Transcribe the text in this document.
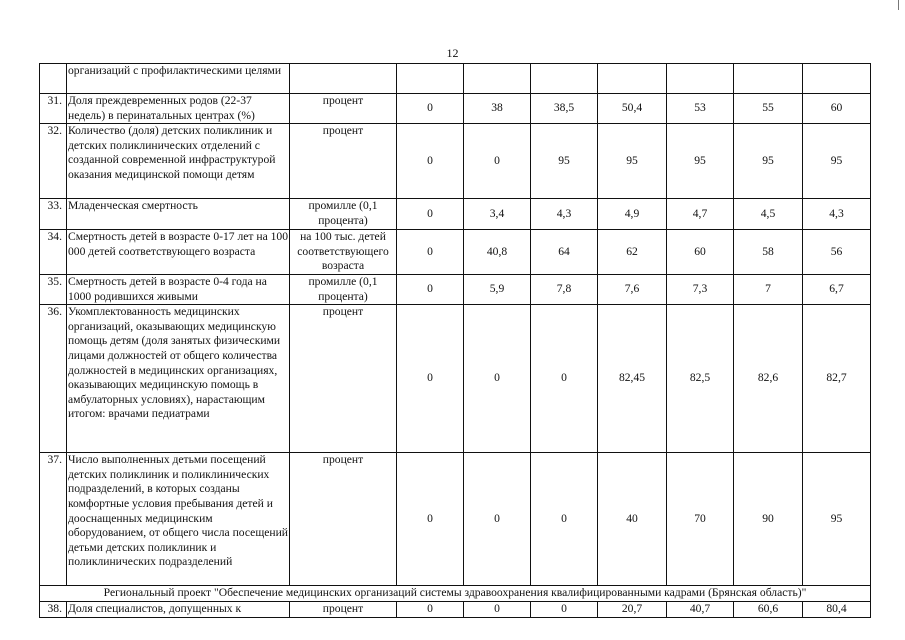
12
	организаций с профилактическими целями								
31.	Доля преждевременных родов (22-37 недель) в перинатальных центрах (%)	процент	0	38	38,5	50,4	53	55	60
32.	Количество (доля) детских поликлиник и детских поликлинических отделений с созданной современной инфраструктурой оказания медицинской помощи детям	процент	0	0	95	95	95	95	95
33.	Младенческая смертность	промилле (0,1 процента)	0	3,4	4,3	4,9	4,7	4,5	4,3
34.	Смертность детей в возрасте 0-17 лет на 100 000 детей соответствующего возраста	на 100 тыс. детей соответствующего возраста	0	40,8	64	62	60	58	56
35.	Смертность детей в возрасте 0-4 года на 1000 родившихся живыми	промилле (0,1 процента)	0	5,9	7,8	7,6	7,3	7	6,7
36.	Укомплектованность медицинских организаций, оказывающих медицинскую помощь детям (доля занятых физическими лицами должностей от общего количества должностей в медицинских организациях, оказывающих медицинскую помощь в амбулаторных условиях), нарастающим итогом: врачами педиатрами	процент	0	0	0	82,45	82,5	82,6	82,7
37.	Число выполненных детьми посещений детских поликлиник и поликлинических подразделений, в которых созданы комфортные условия пребывания детей и дооснащенных медицинским оборудованием, от общего числа посещений детьми детских поликлиник и поликлинических подразделений	процент	0	0	0	40	70	90	95
Региональный проект "Обеспечение медицинских организаций системы здравоохранения квалифицированными кадрами (Брянская область)"									
38.	Доля специалистов, допущенных к	процент	0	0	0	20,7	40,7	60,6	80,4
